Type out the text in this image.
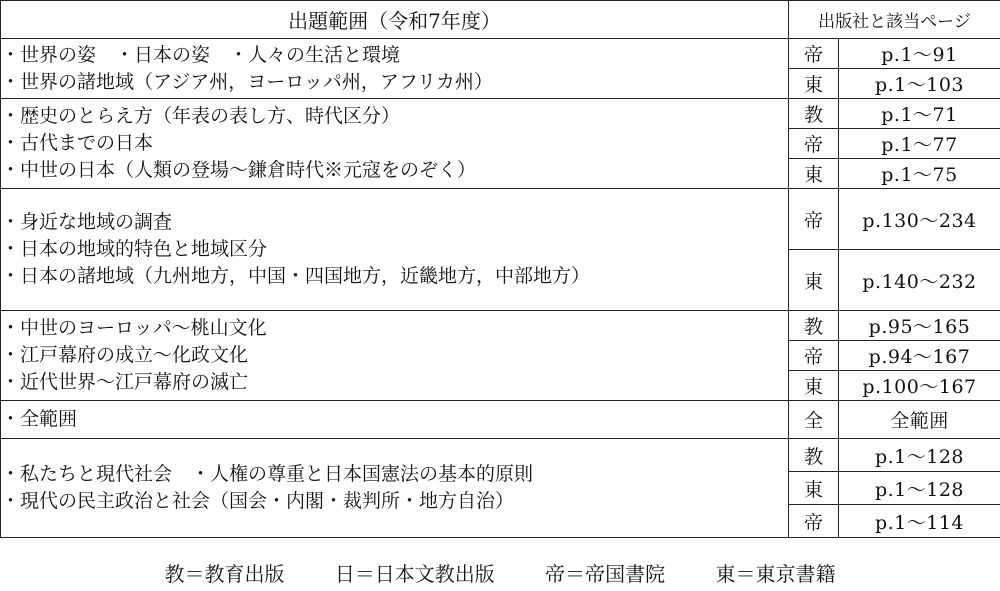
出題範囲（令和7年度）	出版社と該当ページ	

・世界の姿　・日本の姿　・人々の生活と環境
・世界の諸地域（アジア州，ヨーロッパ州，アフリカ州）	帝	p.1〜91
	東	p.1〜103

・歴史のとらえ方（年表の表し方、時代区分）
・古代までの日本
・中世の日本（人類の登場〜鎌倉時代※元寇をのぞく）	教	p.1〜71
	帝	p.1〜77
	東	p.1〜75

・身近な地域の調査
・日本の地域的特色と地域区分
・日本の諸地域（九州地方，中国・四国地方，近畿地方，中部地方）	帝	p.130〜234
	東	p.140〜232

・中世のヨーロッパ〜桃山文化
・江戸幕府の成立〜化政文化
・近代世界〜江戸幕府の滅亡	教	p.95〜165
	帝	p.94〜167
	東	p.100〜167

・全範囲	全	全範囲

・私たちと現代社会　・人権の尊重と日本国憲法の基本的原則
・現代の民主政治と社会（国会・内閣・裁判所・地方自治）	教	p.1〜128
	東	p.1〜128
	帝	p.1〜114
教＝教育出版	日＝日本文教出版	帝＝帝国書院	東＝東京書籍
